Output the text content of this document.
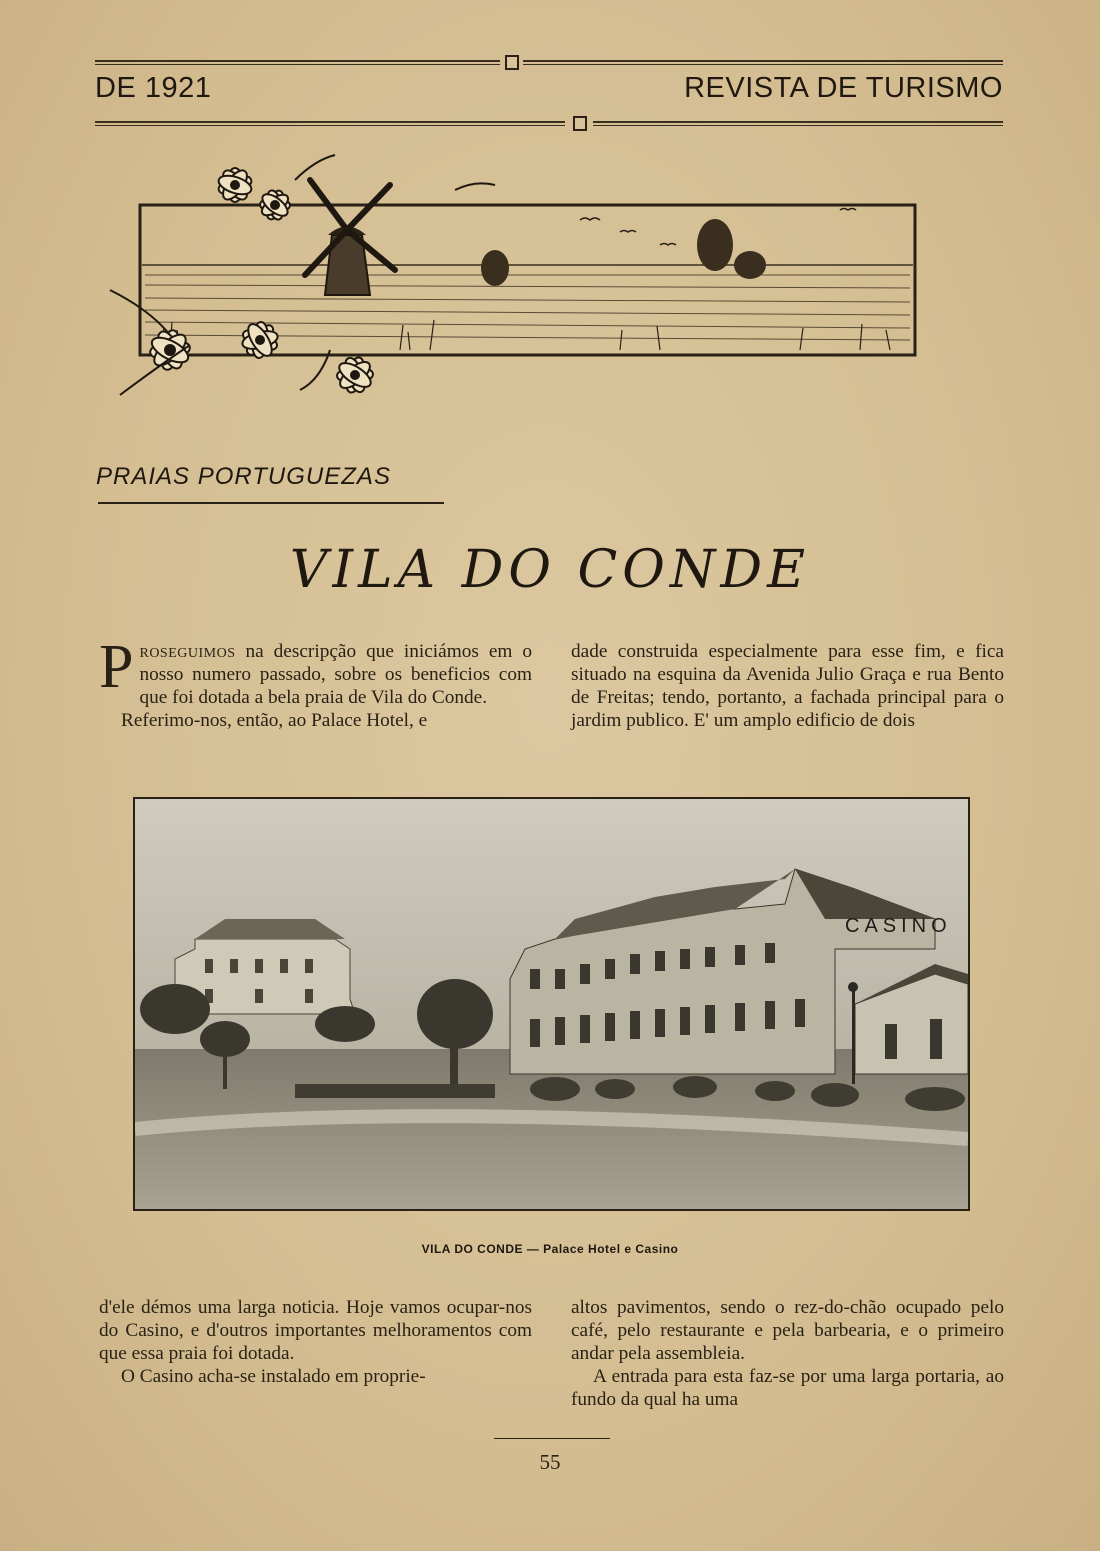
DE 1921	REVISTA DE TURISMO
PRAIAS PORTUGUEZAS
VILA DO CONDE

Proseguimos na descripção que iniciámos em o nosso numero passado, sobre os beneficios com que foi dotada a bela praia de Vila do Conde.

Referimo-nos, então, ao Palace Hotel, e

dade construida especialmente para esse fim, e fica situado na esquina da Avenida Julio Graça e rua Bento de Freitas; tendo, portanto, a fachada principal para o jardim publico. E' um amplo edificio de dois

CASINO
VILA DO CONDE — Palace Hotel e Casino

d'ele démos uma larga noticia. Hoje vamos ocupar-nos do Casino, e d'outros importantes melhoramentos com que essa praia foi dotada.

O Casino acha-se instalado em proprie-

altos pavimentos, sendo o rez-do-chão ocupado pelo café, pelo restaurante e pela barbearia, e o primeiro andar pela assembleia.

A entrada para esta faz-se por uma larga portaria, ao fundo da qual ha uma

55
